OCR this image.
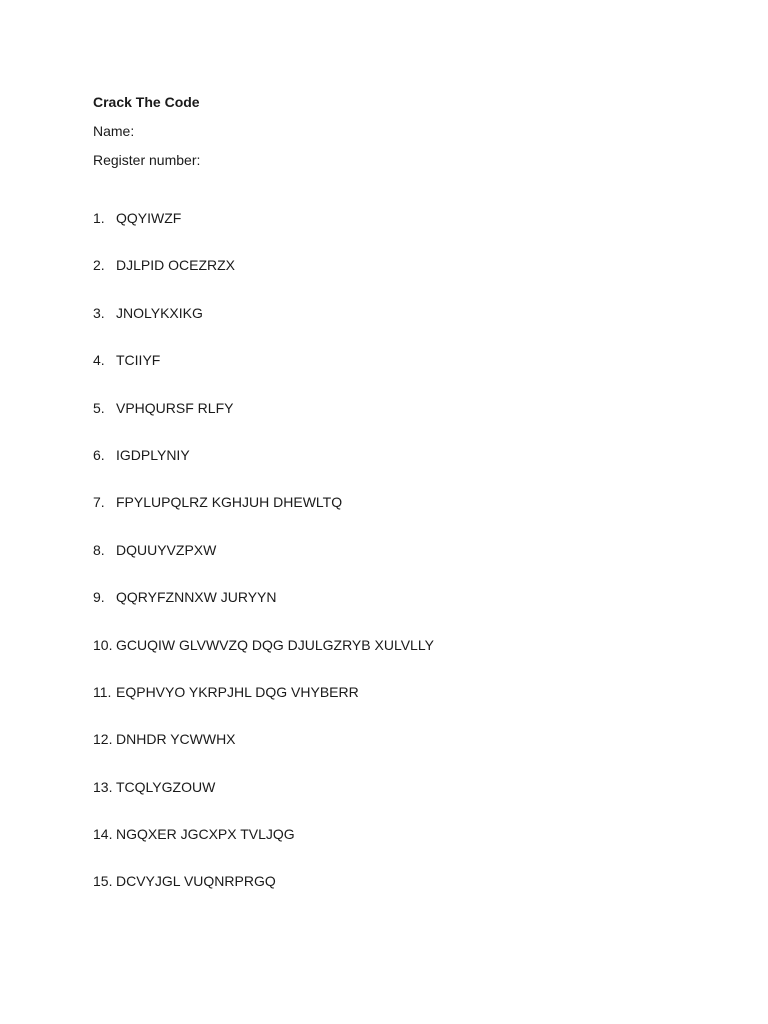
Crack The Code
Name:
Register number:
1. QQYIWZF
2. DJLPID OCEZRZX
3. JNOLYKXIKG
4. TCIIYF
5. VPHQURSF RLFY
6. IGDPLYNIY
7. FPYLUPQLRZ KGHJUH DHEWLTQ
8. DQUUYVZPXW
9. QQRYFZNNXW JURYYN
10. GCUQIW GLVWVZQ DQG DJULGZRYB XULVLLY
11. EQPHVYO YKRPJHL DQG VHYBERR
12. DNHDR YCWWHX
13. TCQLYGZOUW
14. NGQXER JGCXPX TVLJQG
15. DCVYJGL VUQNRPRGQ
